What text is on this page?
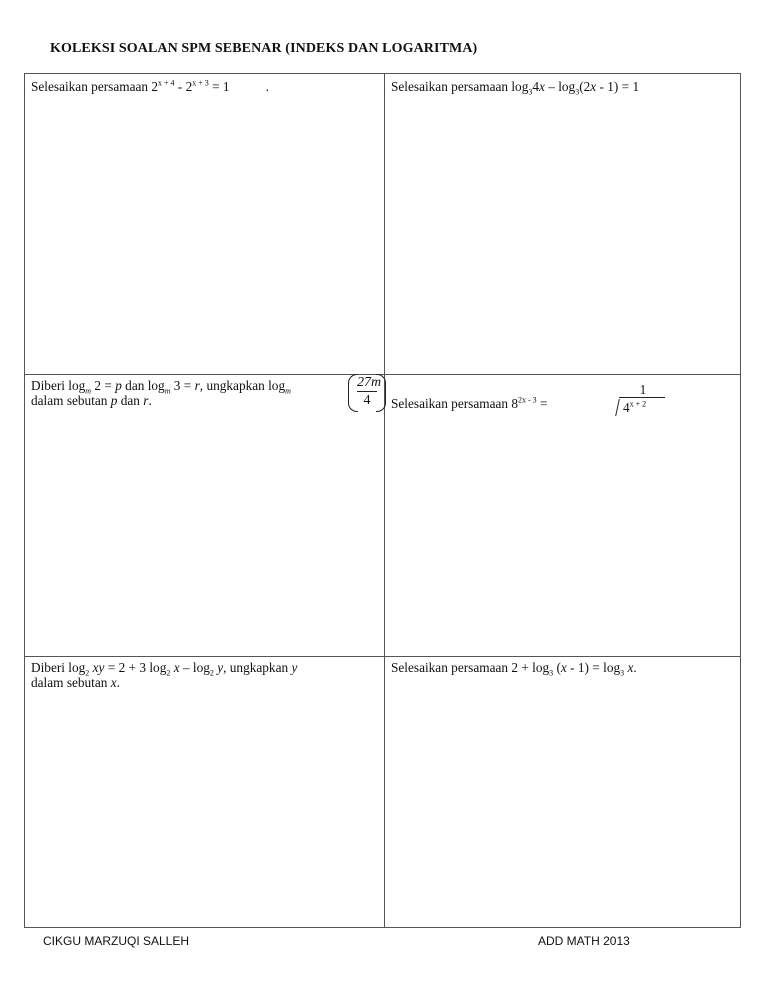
KOLEKSI SOALAN SPM SEBENAR (INDEKS DAN LOGARITMA)
Selesaikan persamaan $2^{x + 4} - 2^{x + 3} = 1$	.	Selesaikan persamaan $\log_34x - \log_3(2x - 1) = 1$
Diberi $\log_m 2 = p$ dan $\log_m 3 = r$, ungkapkan $\log_m$
dalam sebutan p dan r.	$\frac{27m}{4}$ Selesaikan persamaan $8^{2x - 3}$ =
1
$4^{x + 2}$
Diberi $\log_2$ xy = 2 + 3 $\log_2 x - \log_2 y$, ungkapkan y
dalam sebutan x.
Selesaikan persamaan $2 + \log_3 (x - 1) = \log_3 x$.
CIKGU MARZUQI SALLEH	ADD MATH 2013
